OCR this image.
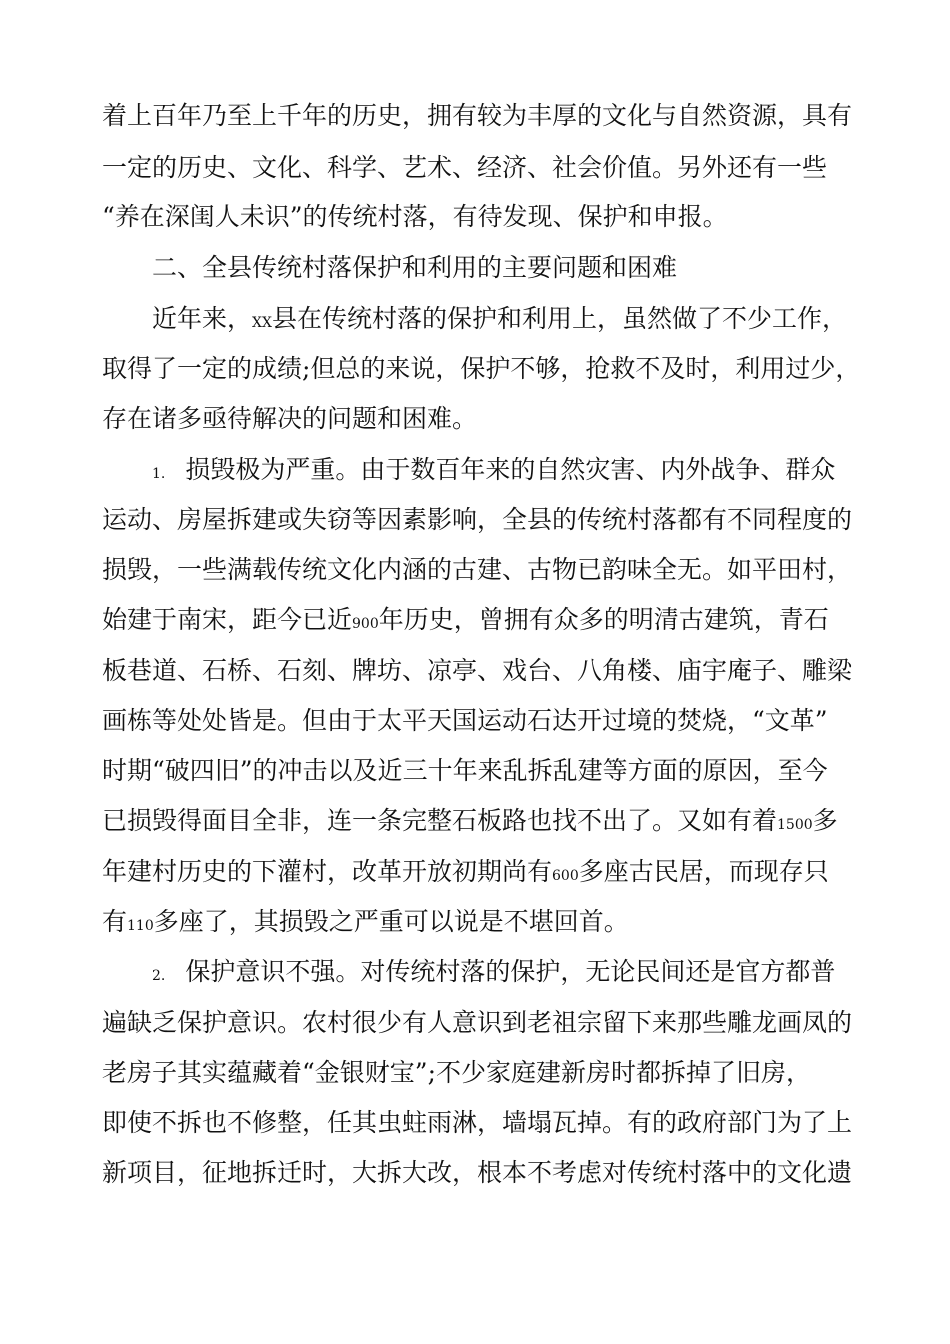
着上百年乃至上千年的历史，拥有较为丰厚的文化与自然资源，具有

一定的历史、文化、科学、艺术、经济、社会价值。另外还有一些

“养在深闺人未识”的传统村落，有待发现、保护和申报。

二、全县传统村落保护和利用的主要问题和困难

近年来，XX县在传统村落的保护和利用上，虽然做了不少工作，

取得了一定的成绩;但总的来说，保护不够，抢救不及时，利用过少，

存在诸多亟待解决的问题和困难。

1. 损毁极为严重。由于数百年来的自然灾害、内外战争、群众

运动、房屋拆建或失窃等因素影响，全县的传统村落都有不同程度的

损毁，一些满载传统文化内涵的古建、古物已韵味全无。如平田村，

始建于南宋，距今已近900年历史，曾拥有众多的明清古建筑，青石

板巷道、石桥、石刻、牌坊、凉亭、戏台、八角楼、庙宇庵子、雕梁

画栋等处处皆是。但由于太平天国运动石达开过境的焚烧，“文革”

时期“破四旧”的冲击以及近三十年来乱拆乱建等方面的原因，至今

已损毁得面目全非，连一条完整石板路也找不出了。又如有着1500多

年建村历史的下灌村，改革开放初期尚有600多座古民居，而现存只

有110多座了，其损毁之严重可以说是不堪回首。

2. 保护意识不强。对传统村落的保护，无论民间还是官方都普

遍缺乏保护意识。农村很少有人意识到老祖宗留下来那些雕龙画凤的

老房子其实蕴藏着“金银财宝”;不少家庭建新房时都拆掉了旧房，

即使不拆也不修整，任其虫蛀雨淋，墙塌瓦掉。有的政府部门为了上

新项目，征地拆迁时，大拆大改，根本不考虑对传统村落中的文化遗
